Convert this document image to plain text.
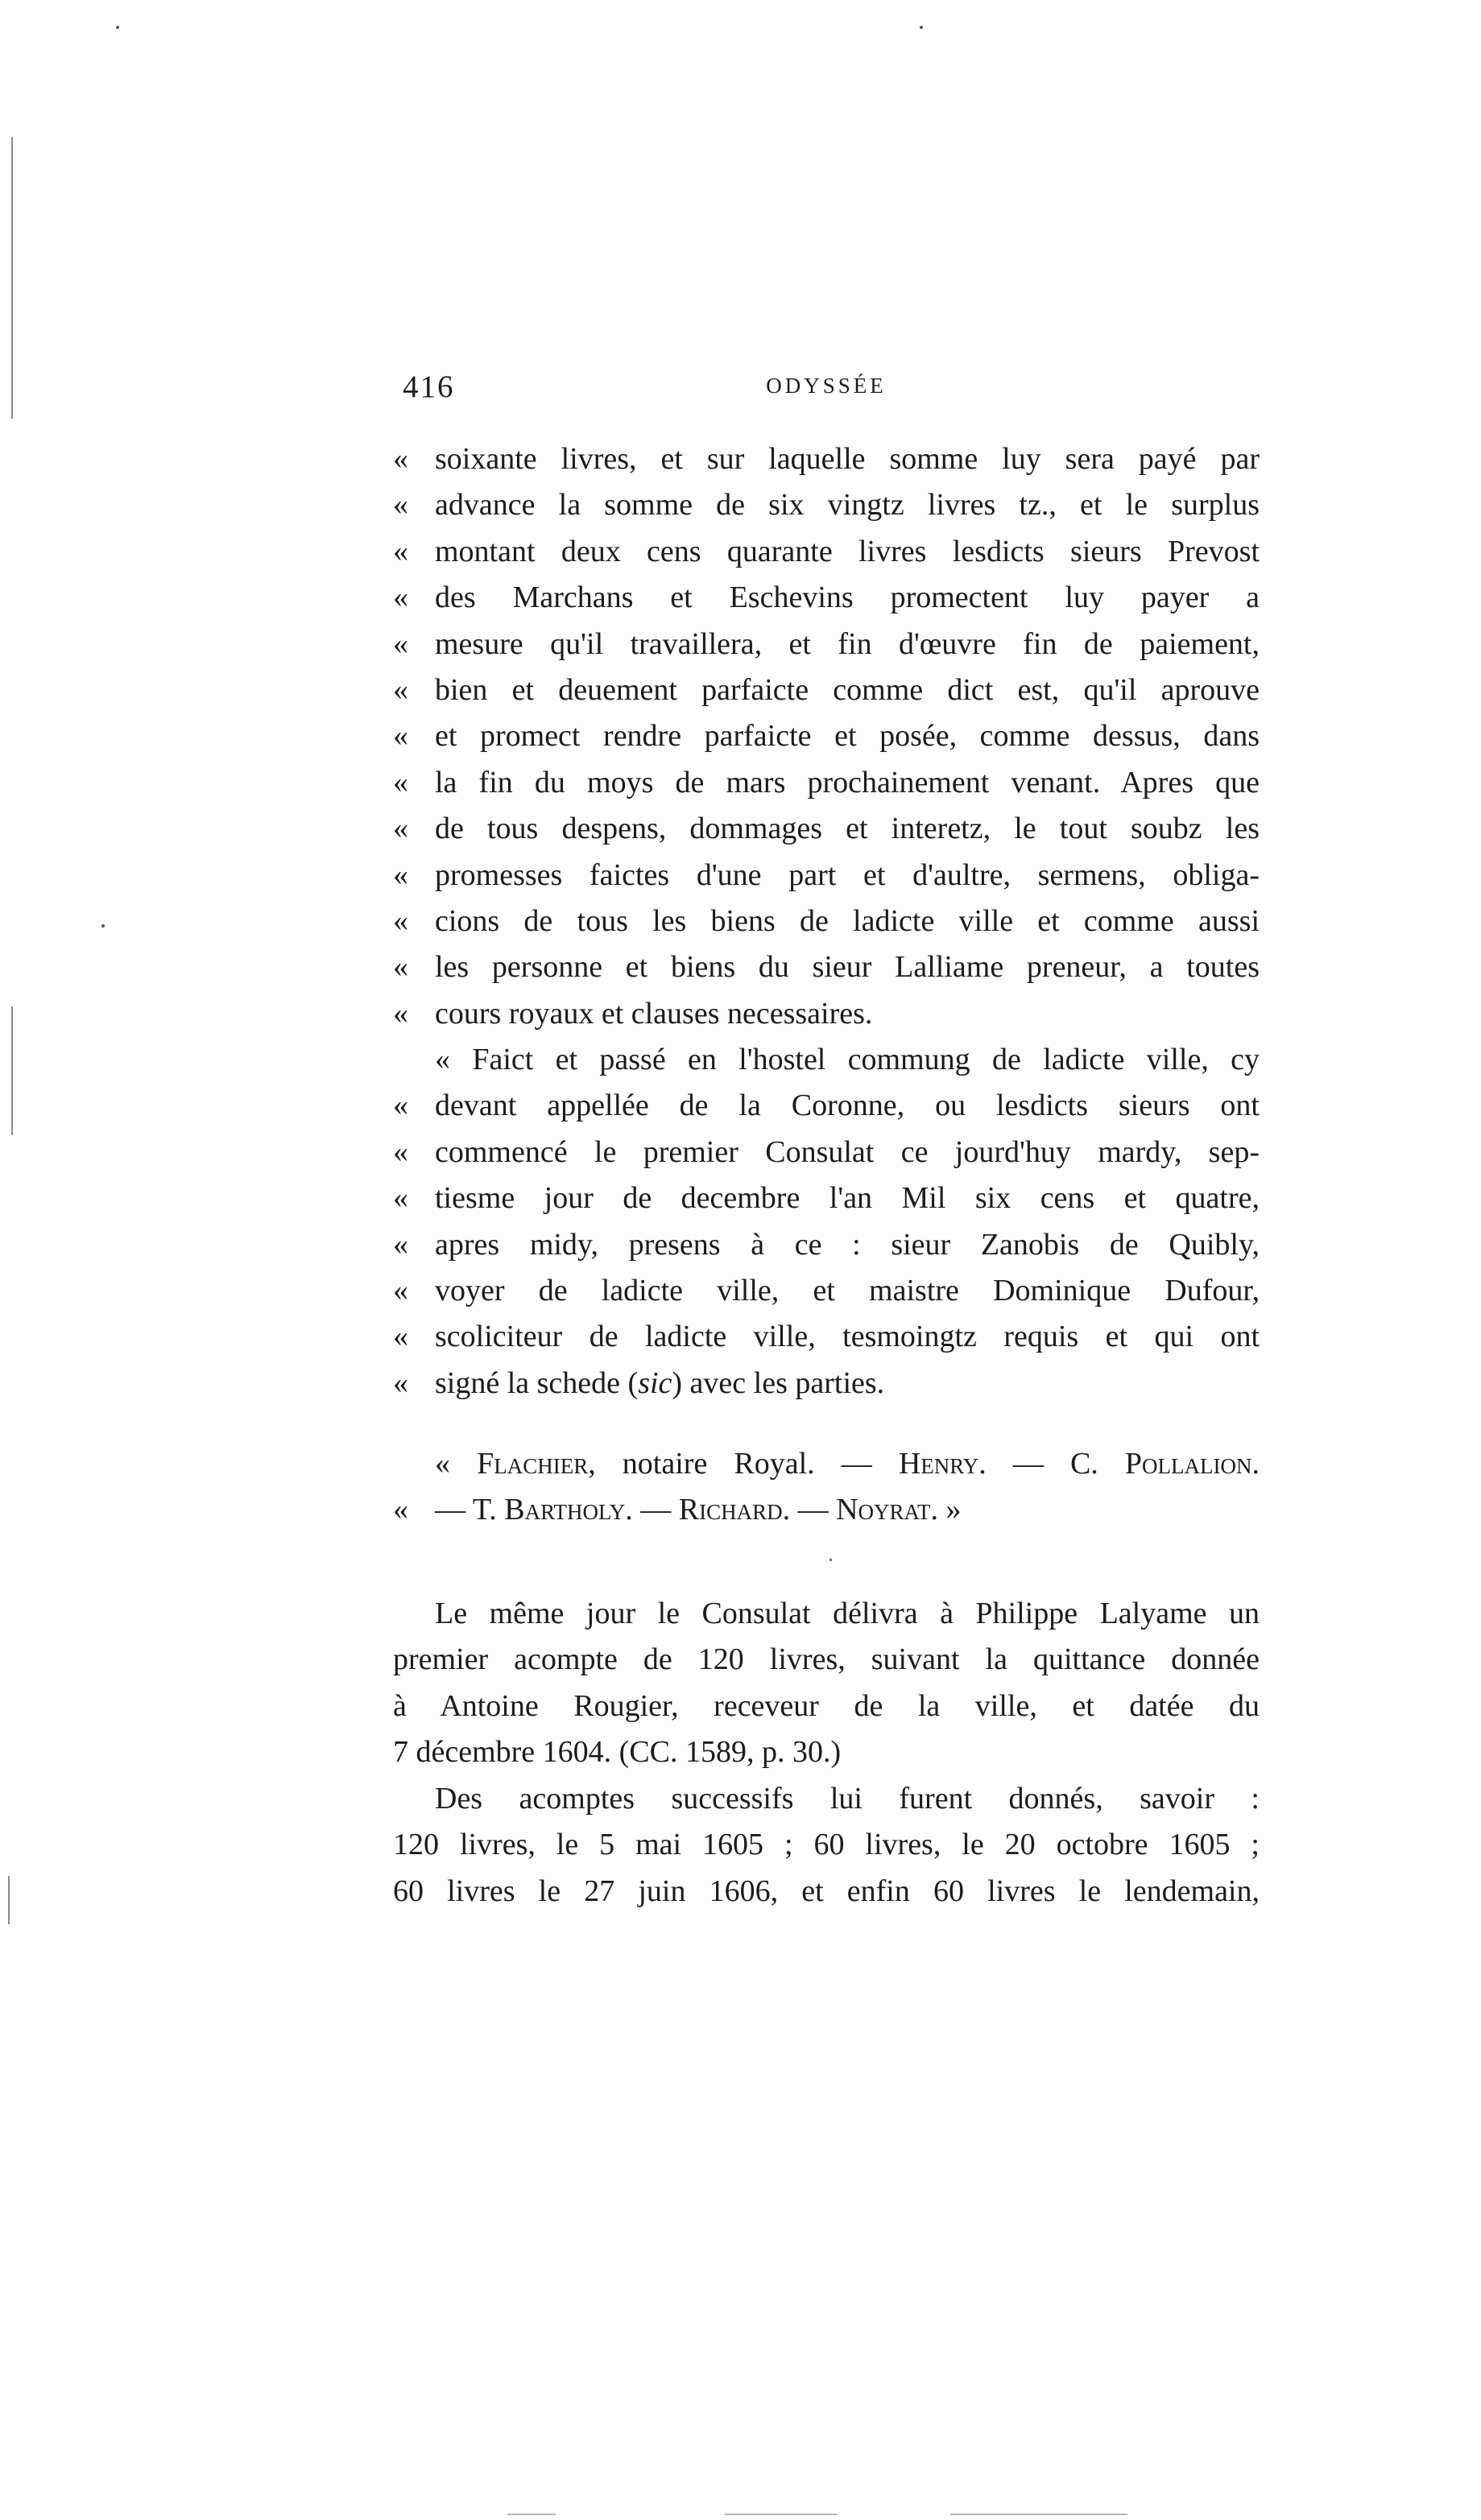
416	ODYSSÉE
« soixante livres, et sur laquelle somme luy sera payé par
« advance la somme de six vingtz livres tz., et le surplus
« montant deux cens quarante livres lesdicts sieurs Prevost
« des Marchans et Eschevins promectent luy payer a
« mesure qu'il travaillera, et fin d'œuvre fin de paiement,
« bien et deuement parfaicte comme dict est, qu'il aprouve
« et promect rendre parfaicte et posée, comme dessus, dans
« la fin du moys de mars prochainement venant. Apres que
« de tous despens, dommages et interetz, le tout soubz les
« promesses faictes d'une part et d'aultre, sermens, obliga-
« cions de tous les biens de ladicte ville et comme aussi
« les personne et biens du sieur Lalliame preneur, a toutes
« cours royaux et clauses necessaires.
« Faict et passé en l'hostel commung de ladicte ville, cy
« devant appellée de la Coronne, ou lesdicts sieurs ont
« commencé le premier Consulat ce jourd'huy mardy, sep-
« tiesme jour de decembre l'an Mil six cens et quatre,
« apres midy, presens à ce : sieur Zanobis de Quibly,
« voyer de ladicte ville, et maistre Dominique Dufour,
« scoliciteur de ladicte ville, tesmoingtz requis et qui ont
« signé la schede (sic) avec les parties.
« Flachier, notaire Royal. — Henry. — C. Pollalion.
« — T. Bartholy. — Richard. — Noyrat. »
Le même jour le Consulat délivra à Philippe Lalyame un
premier acompte de 120 livres, suivant la quittance donnée
à Antoine Rougier, receveur de la ville, et datée du
7 décembre 1604. (CC. 1589, p. 30.)
Des acomptes successifs lui furent donnés, savoir :
120 livres, le 5 mai 1605 ; 60 livres, le 20 octobre 1605 ;
60 livres le 27 juin 1606, et enfin 60 livres le lendemain,
